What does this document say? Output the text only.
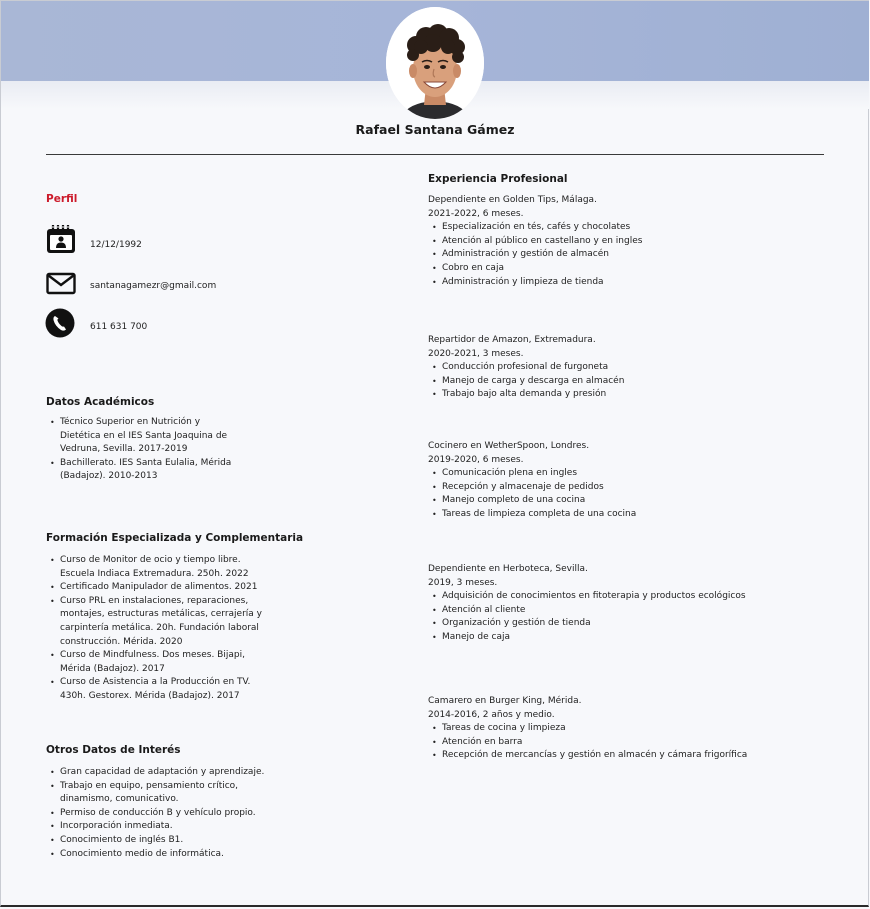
Rafael Santana Gámez
Perfil
12/12/1992
santanagamezr@gmail.com
611 631 700
Datos Académicos
• Técnico Superior en Nutrición y Dietética en el IES Santa Joaquina de Vedruna, Sevilla. 2017-2019
• Bachillerato. IES Santa Eulalia, Mérida (Badajoz). 2010-2013
Formación Especializada y Complementaria
• Curso de Monitor de ocio y tiempo libre. Escuela Indiaca Extremadura. 250h. 2022
• Certificado Manipulador de alimentos. 2021
• Curso PRL en instalaciones, reparaciones, montajes, estructuras metálicas, cerrajería y carpintería metálica. 20h. Fundación laboral construcción. Mérida. 2020
• Curso de Mindfulness. Dos meses. Bijapi, Mérida (Badajoz). 2017
• Curso de Asistencia a la Producción en TV. 430h. Gestorex. Mérida (Badajoz). 2017
Otros Datos de Interés
• Gran capacidad de adaptación y aprendizaje.
• Trabajo en equipo, pensamiento crítico, dinamismo, comunicativo.
• Permiso de conducción B y vehículo propio.
• Incorporación inmediata.
• Conocimiento de inglés B1.
• Conocimiento medio de informática.
Experiencia Profesional
Dependiente en Golden Tips, Málaga.
2021-2022, 6 meses.
• Especialización en tés, cafés y chocolates
• Atención al público en castellano y en ingles
• Administración y gestión de almacén
• Cobro en caja
• Administración y limpieza de tienda
Repartidor de Amazon, Extremadura.
2020-2021, 3 meses.
• Conducción profesional de furgoneta
• Manejo de carga y descarga en almacén
• Trabajo bajo alta demanda y presión
Cocinero en WetherSpoon, Londres.
2019-2020, 6 meses.
• Comunicación plena en ingles
• Recepción y almacenaje de pedidos
• Manejo completo de una cocina
• Tareas de limpieza completa de una cocina
Dependiente en Herboteca, Sevilla.
2019, 3 meses.
• Adquisición de conocimientos en fitoterapia y productos ecológicos
• Atención al cliente
• Organización y gestión de tienda
• Manejo de caja
Camarero en Burger King, Mérida.
2014-2016, 2 años y medio.
• Tareas de cocina y limpieza
• Atención en barra
• Recepción de mercancías y gestión en almacén y cámara frigorífica
